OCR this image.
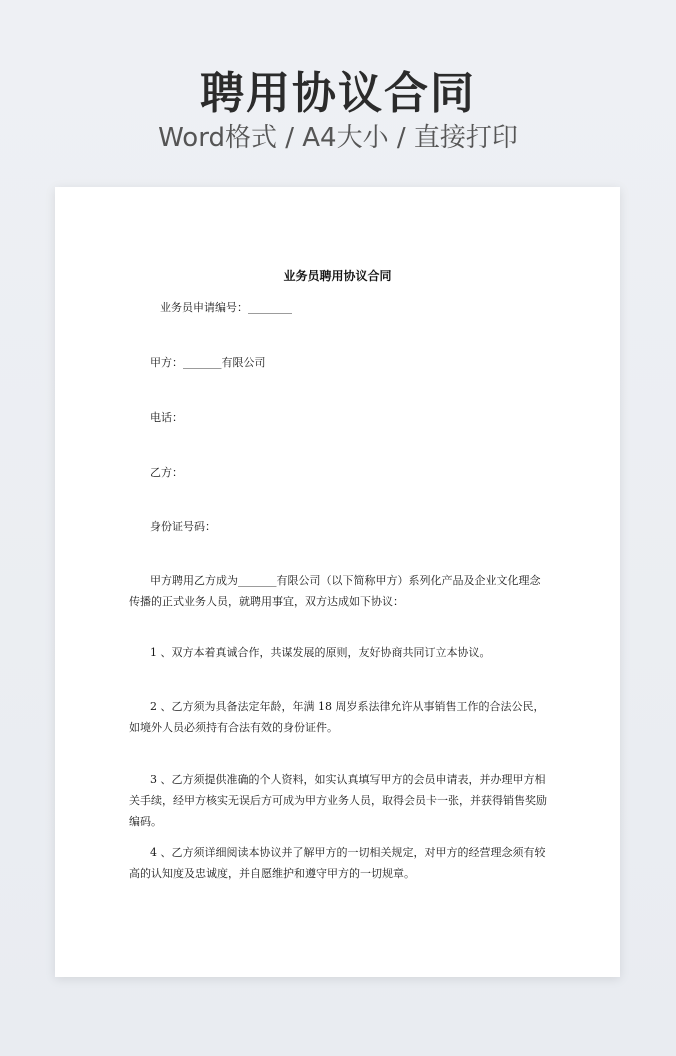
聘用协议合同
Word格式 / A4大小 / 直接打印
业务员聘用协议合同
业务员申请编号：________
甲方：_______有限公司
电话：
乙方：
身份证号码：
甲方聘用乙方成为_______有限公司（以下简称甲方）系列化产品及企业文化理念传播的正式业务人员，就聘用事宜，双方达成如下协议：
1 、双方本着真诚合作，共谋发展的原则，友好协商共同订立本协议。
2 、乙方须为具备法定年龄，年满 18 周岁系法律允许从事销售工作的合法公民，如境外人员必须持有合法有效的身份证件。
3 、乙方须提供准确的个人资料，如实认真填写甲方的会员申请表，并办理甲方相关手续，经甲方核实无误后方可成为甲方业务人员，取得会员卡一张，并获得销售奖励编码。
4 、乙方须详细阅读本协议并了解甲方的一切相关规定，对甲方的经营理念须有较高的认知度及忠诚度，并自愿维护和遵守甲方的一切规章。
